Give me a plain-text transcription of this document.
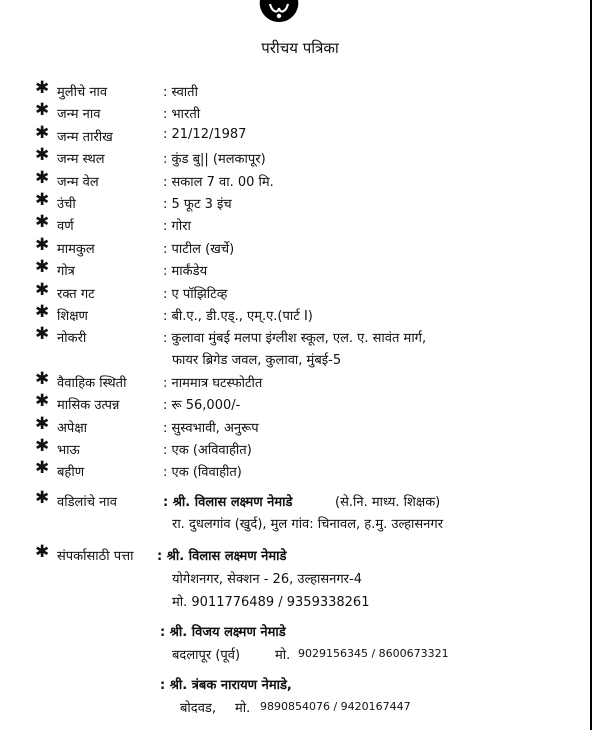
परीचय पत्रिका
✱ मुलीचे नाव	: स्वाती
✱ जन्म नाव	: भारती
✱ जन्म तारीख	: 21/12/1987
✱ जन्म स्थल	: कुंड बु|| (मलकापूर)
✱ जन्म वेल	: सकाल 7 वा. 00 मि.
✱ उंची	: 5 फूट 3 इंच
✱ वर्ण	: गोरा
✱ मामकुल	: पाटील (खर्चे)
✱ गोत्र	: मार्कंडेय
✱ रक्त गट	: ए पॉझिटिव्ह
✱ शिक्षण	: बी.ए., डी.एड्., एम्.ए.(पार्ट I)
✱ नोकरी	: कुलावा मुंबई मलपा इंग्लीश स्कूल, एल. ए. सावंत मार्ग,
फायर ब्रिगेड जवल, कुलावा, मुंबई-5
✱ वैवाहिक स्थिती	: नाममात्र घटस्फोटीत
✱ मासिक उत्पन्न	: रू 56,000/-
✱ अपेक्षा	: सुस्वभावी, अनुरूप
✱ भाऊ	: एक (अविवाहीत)
✱ बहीण	: एक (विवाहीत)
✱ वडिलांचे नाव	: श्री. विलास लक्ष्मण नेमाडे	(से.नि. माध्य. शिक्षक)
रा. दुधलगांव (खुर्द), मुल गांव: चिनावल, ह.मु. उल्हासनगर
✱ संपर्कासाठी पत्ता : श्री. विलास लक्ष्मण नेमाडे
योगेशनगर, सेक्शन - 26, उल्हासनगर-4
मो. 9011776489 / 9359338261
: श्री. विजय लक्ष्मण नेमाडे
बदलापूर (पूर्व)	मो. 9029156345 / 8600673321
: श्री. त्रंबक नारायण नेमाडे,
बोदवड, मो. 9890854076 / 9420167447
